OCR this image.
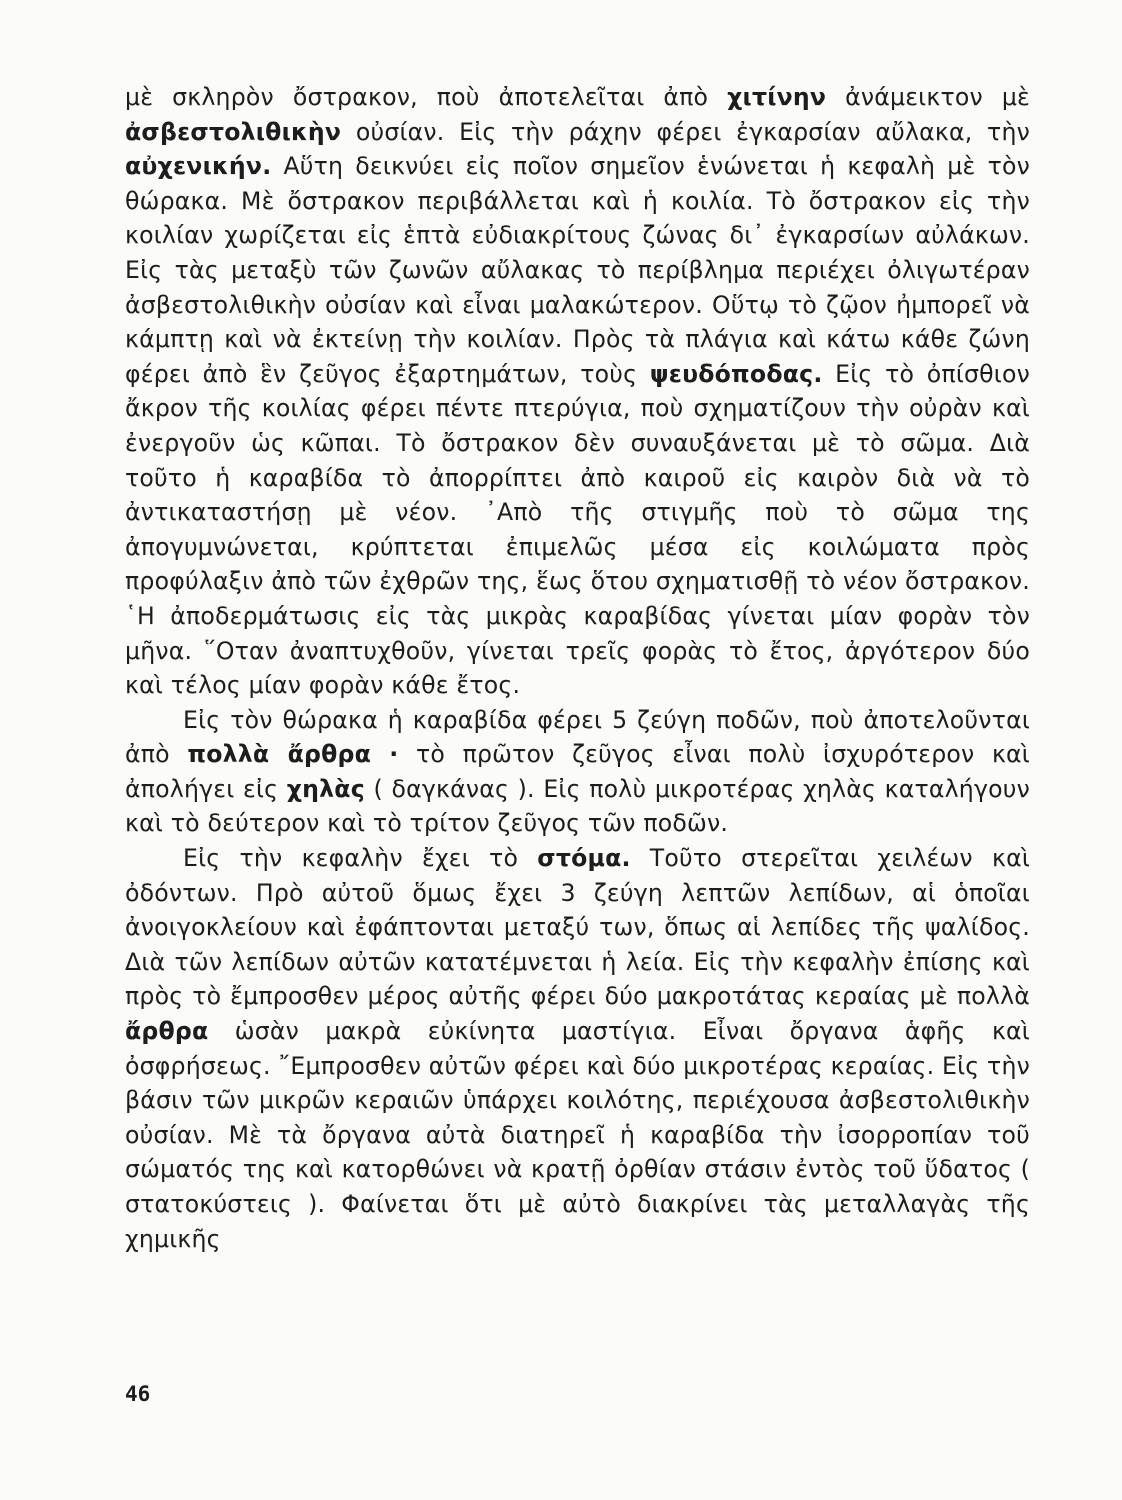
μὲ σκληρὸν ὄστρακον, ποὺ ἀποτελεῖται ἀπὸ χιτίνην ἀνάμεικτον μὲ ἀσβεστολιθικὴν οὐσίαν. Εἰς τὴν ράχην φέρει ἐγκαρσίαν αὔλακα, τὴν αὐχενικήν. Αὕτη δεικνύει εἰς ποῖον σημεῖον ἑνώνεται ἡ κεφαλὴ μὲ τὸν θώρακα. Μὲ ὄστρακον περιβάλλεται καὶ ἡ κοιλία. Τὸ ὄστρακον εἰς τὴν κοιλίαν χωρίζεται εἰς ἑπτὰ εὐδιακρίτους ζώνας δι᾽ ἐγκαρσίων αὐλάκων. Εἰς τὰς μεταξὺ τῶν ζωνῶν αὔλακας τὸ περίβλημα περιέχει ὀλιγωτέραν ἀσβεστολιθικὴν οὐσίαν καὶ εἶναι μαλακώτερον. Οὕτῳ τὸ ζῷον ἠμπορεῖ νὰ κάμπτῃ καὶ νὰ ἐκτείνῃ τὴν κοιλίαν. Πρὸς τὰ πλάγια καὶ κάτω κάθε ζώνη φέρει ἀπὸ ἓν ζεῦγος ἐξαρτημάτων, τοὺς ψευδόποδας. Εἰς τὸ ὀπίσθιον ἄκρον τῆς κοιλίας φέρει πέντε πτερύγια, ποὺ σχηματίζουν τὴν οὐρὰν καὶ ἐνεργοῦν ὡς κῶπαι. Τὸ ὄστρακον δὲν συναυξάνεται μὲ τὸ σῶμα. Διὰ τοῦτο ἡ καραβίδα τὸ ἀπορρίπτει ἀπὸ καιροῦ εἰς καιρὸν διὰ νὰ τὸ ἀντικαταστήσῃ μὲ νέον. ᾿Απὸ τῆς στιγμῆς ποὺ τὸ σῶμα της ἀπογυμνώνεται, κρύπτεται ἐπιμελῶς μέσα εἰς κοιλώματα πρὸς προφύλαξιν ἀπὸ τῶν ἐχθρῶν της, ἕως ὅτου σχηματισθῇ τὸ νέον ὄστρακον. ῾Η ἀποδερμάτωσις εἰς τὰς μικρὰς καραβίδας γίνεται μίαν φορὰν τὸν μῆνα. ῞Οταν ἀναπτυχθοῦν, γίνεται τρεῖς φορὰς τὸ ἔτος, ἀργότερον δύο καὶ τέλος μίαν φορὰν κάθε ἔτος.

Εἰς τὸν θώρακα ἡ καραβίδα φέρει 5 ζεύγη ποδῶν, ποὺ ἀποτελοῦνται ἀπὸ πολλὰ ἄρθρα · τὸ πρῶτον ζεῦγος εἶναι πολὺ ἰσχυρότερον καὶ ἀπολήγει εἰς χηλὰς ( δαγκάνας ). Εἰς πολὺ μικροτέρας χηλὰς καταλήγουν καὶ τὸ δεύτερον καὶ τὸ τρίτον ζεῦγος τῶν ποδῶν.

Εἰς τὴν κεφαλὴν ἔχει τὸ στόμα. Τοῦτο στερεῖται χειλέων καὶ ὀδόντων. Πρὸ αὐτοῦ ὅμως ἔχει 3 ζεύγη λεπτῶν λεπίδων, αἱ ὁποῖαι ἀνοιγοκλείουν καὶ ἐφάπτονται μεταξύ των, ὅπως αἱ λεπίδες τῆς ψαλίδος. Διὰ τῶν λεπίδων αὐτῶν κατατέμνεται ἡ λεία. Εἰς τὴν κεφαλὴν ἐπίσης καὶ πρὸς τὸ ἔμπροσθεν μέρος αὐτῆς φέρει δύο μακροτάτας κεραίας μὲ πολλὰ ἄρθρα ὡσὰν μακρὰ εὐκίνητα μαστίγια. Εἶναι ὄργανα ἁφῆς καὶ ὀσφρήσεως. ῎Εμπροσθεν αὐτῶν φέρει καὶ δύο μικροτέρας κεραίας. Εἰς τὴν βάσιν τῶν μικρῶν κεραιῶν ὑπάρχει κοιλότης, περιέχουσα ἀσβεστολιθικὴν οὐσίαν. Μὲ τὰ ὄργανα αὐτὰ διατηρεῖ ἡ καραβίδα τὴν ἰσορροπίαν τοῦ σώματός της καὶ κατορθώνει νὰ κρατῇ ὀρθίαν στάσιν ἐντὸς τοῦ ὕδατος ( στατοκύστεις ). Φαίνεται ὅτι μὲ αὐτὸ διακρίνει τὰς μεταλλαγὰς τῆς χημικῆς

46
